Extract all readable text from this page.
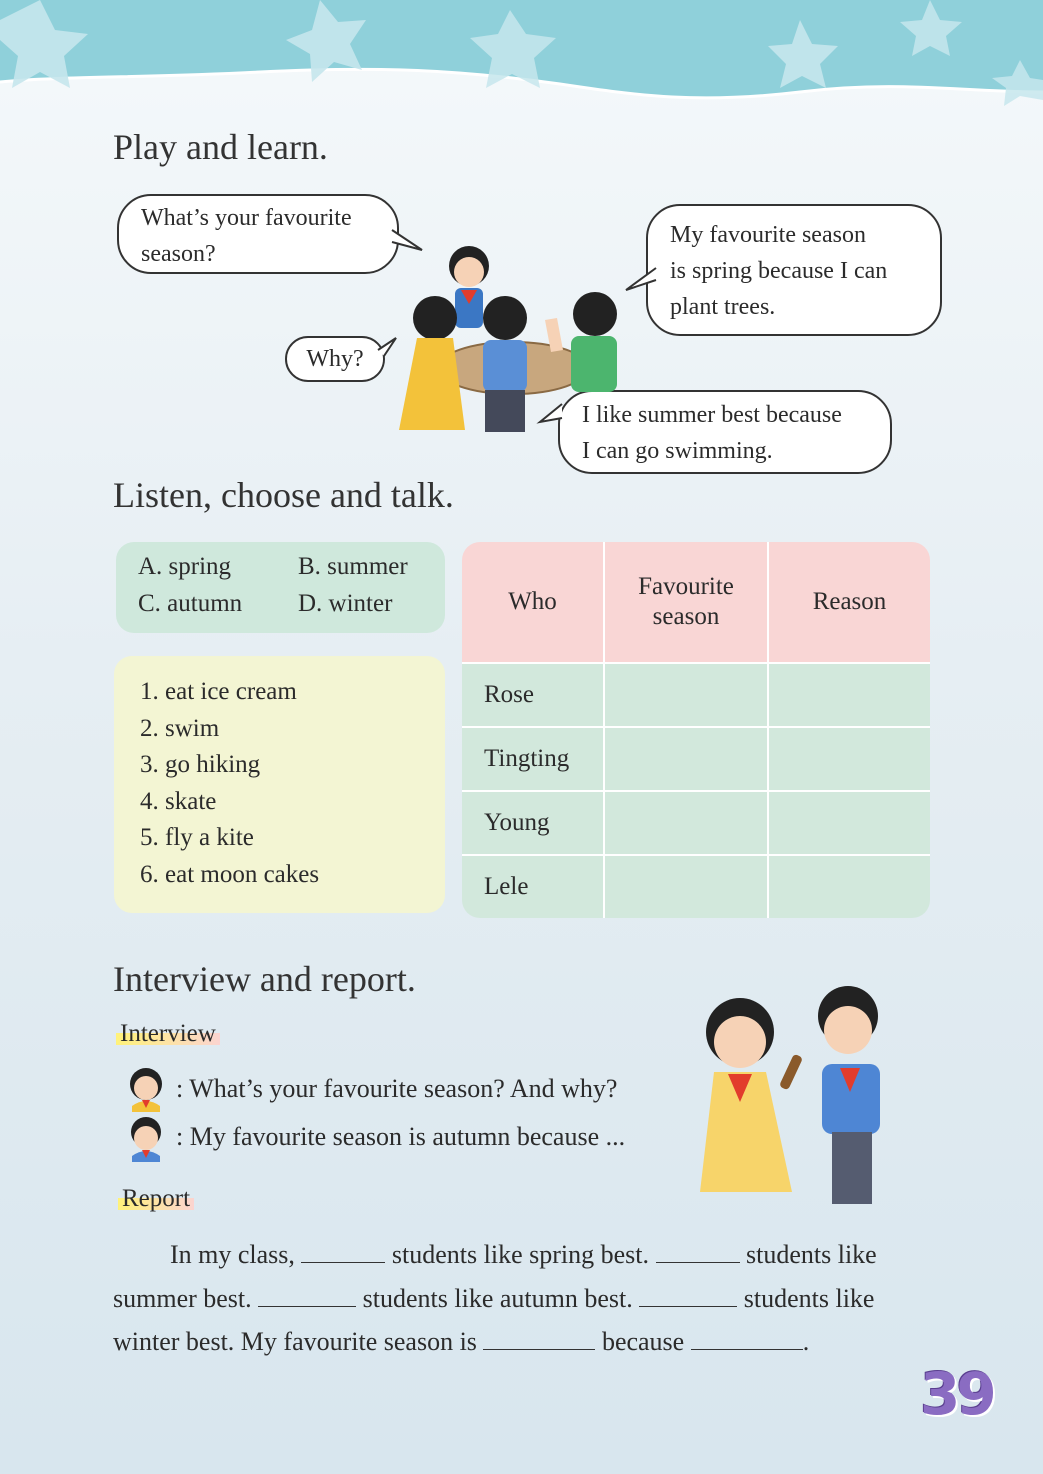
Play and learn.
What’s your favourite
season?
My favourite season
is spring because I can
plant trees.
Why?
I like summer best because
I can go swimming.
Listen, choose and talk.
A. spring	B. summer
C. autumn D. winter
1. eat ice cream
2. swim
3. go hiking
4. skate
5. fly a kite
6. eat moon cakes
Who	Favourite season	Reason
Rose		
Tingting		
Young		
Lele		
Interview and report.
Interview
: What’s your favourite season? And why?
: My favourite season is autumn because ...
Report
In my class,	students like spring best.	students like
summer best.	students like autumn best.	students like
winter best. My favourite season is	because	.
39
